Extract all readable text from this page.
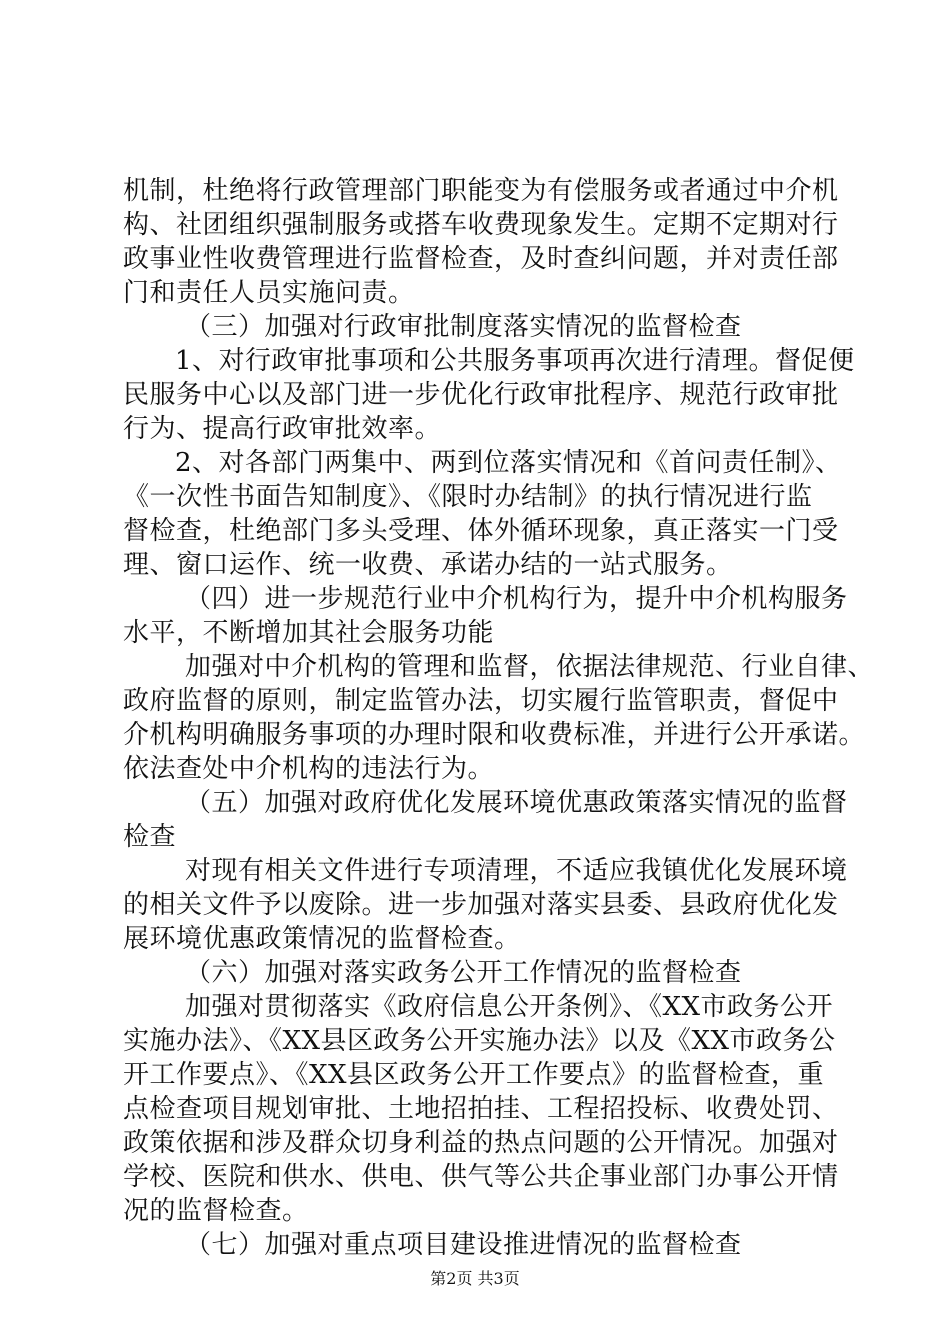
机制，杜绝将行政管理部门职能变为有偿服务或者通过中介机
构、社团组织强制服务或搭车收费现象发生。定期不定期对行
政事业性收费管理进行监督检查，及时查纠问题，并对责任部
门和责任人员实施问责。
（三）加强对行政审批制度落实情况的监督检查
1、对行政审批事项和公共服务事项再次进行清理。督促便
民服务中心以及部门进一步优化行政审批程序、规范行政审批
行为、提高行政审批效率。
2、对各部门两集中、两到位落实情况和《首问责任制》、
《一次性书面告知制度》、《限时办结制》的执行情况进行监
督检查，杜绝部门多头受理、体外循环现象，真正落实一门受
理、窗口运作、统一收费、承诺办结的一站式服务。
（四）进一步规范行业中介机构行为，提升中介机构服务
水平，不断增加其社会服务功能
加强对中介机构的管理和监督，依据法律规范、行业自律、
政府监督的原则，制定监管办法，切实履行监管职责，督促中
介机构明确服务事项的办理时限和收费标准，并进行公开承诺。
依法查处中介机构的违法行为。
（五）加强对政府优化发展环境优惠政策落实情况的监督
检查
对现有相关文件进行专项清理，不适应我镇优化发展环境
的相关文件予以废除。进一步加强对落实县委、县政府优化发
展环境优惠政策情况的监督检查。
（六）加强对落实政务公开工作情况的监督检查
加强对贯彻落实《政府信息公开条例》、《XX市政务公开
实施办法》、《XX县区政务公开实施办法》以及《XX市政务公
开工作要点》、《XX县区政务公开工作要点》的监督检查，重
点检查项目规划审批、土地招拍挂、工程招投标、收费处罚、
政策依据和涉及群众切身利益的热点问题的公开情况。加强对
学校、医院和供水、供电、供气等公共企事业部门办事公开情
况的监督检查。
（七）加强对重点项目建设推进情况的监督检查
第2页 共3页
